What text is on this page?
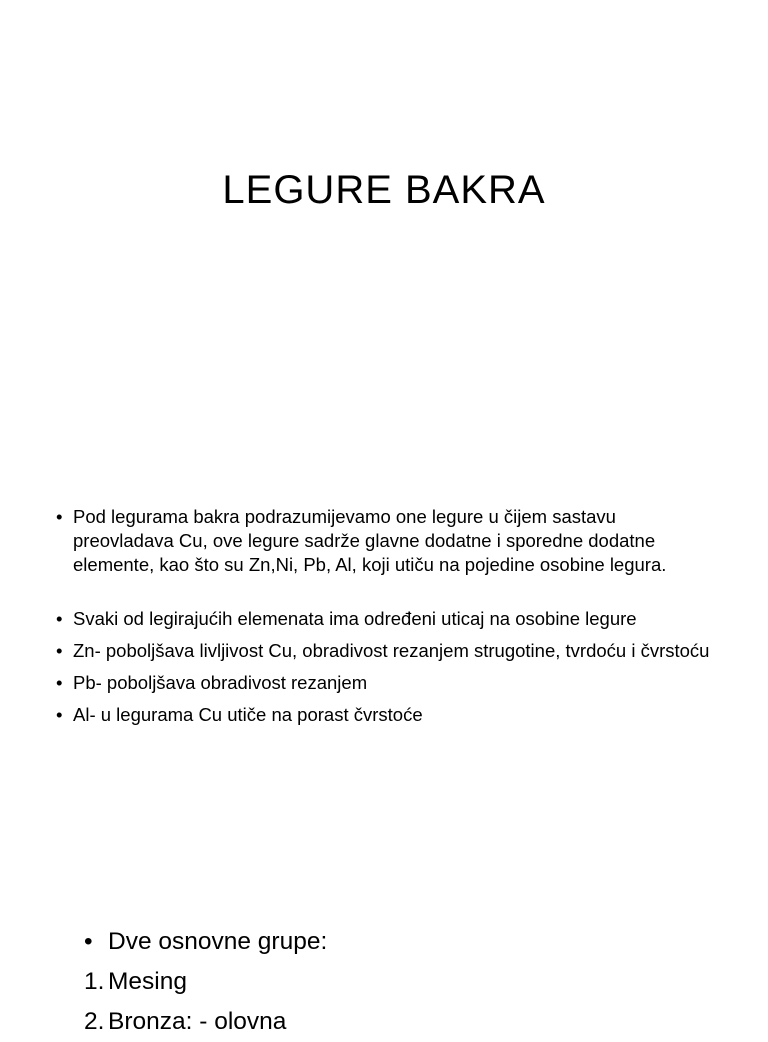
LEGURE BAKRA
• Pod legurama bakra podrazumijevamo one legure u čijem sastavu preovladava Cu, ove legure sadrže glavne dodatne i sporedne dodatne elemente, kao što su Zn,Ni, Pb, Al, koji utiču na pojedine osobine legura.
• Svaki od legirajućih elemenata ima određeni uticaj na osobine legure
• Zn- poboljšava livljivost Cu, obradivost rezanjem strugotine, tvrdoću i čvrstoću
• Pb- poboljšava obradivost rezanjem
• Al- u legurama Cu utiče na porast čvrstoće
• Dve osnovne grupe:
1. Mesing
2. Bronza: - olovna
